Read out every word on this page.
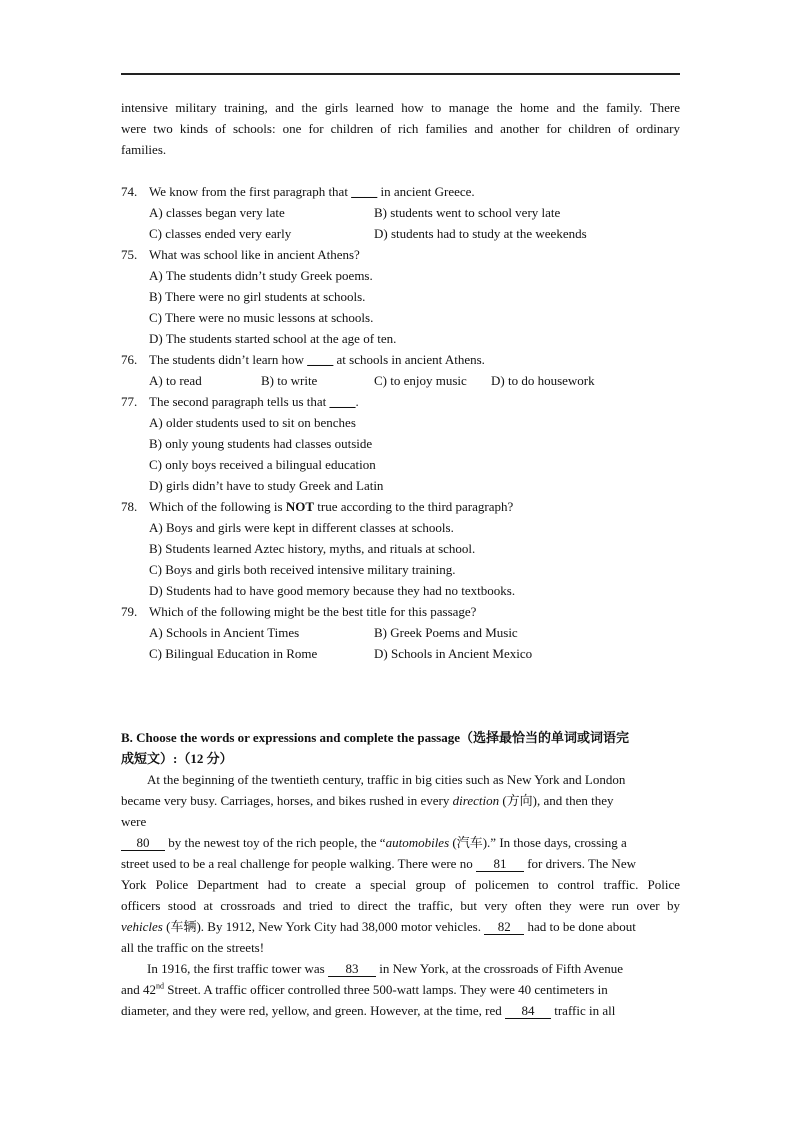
intensive military training, and the girls learned how to manage the home and the family. There
were two kinds of schools: one for children of rich families and another for children of ordinary
families.
74. We know from the first paragraph that ____ in ancient Greece.
A) classes began very late	B) students went to school very late
C) classes ended very early	D) students had to study at the weekends
75. What was school like in ancient Athens?
A) The students didn’t study Greek poems.
B) There were no girl students at schools.
C) There were no music lessons at schools.
D) The students started school at the age of ten.
76. The students didn’t learn how ____ at schools in ancient Athens.
A) to read	B) to write	C) to enjoy music D) to do housework
77. The second paragraph tells us that ____.
A) older students used to sit on benches
B) only young students had classes outside
C) only boys received a bilingual education
D) girls didn’t have to study Greek and Latin
78. Which of the following is NOT true according to the third paragraph?
A) Boys and girls were kept in different classes at schools.
B) Students learned Aztec history, myths, and rituals at school.
C) Boys and girls both received intensive military training.
D) Students had to have good memory because they had no textbooks.
79. Which of the following might be the best title for this passage?
A) Schools in Ancient Times	B) Greek Poems and Music
C) Bilingual Education in Rome	D) Schools in Ancient Mexico
B. Choose the words or expressions and complete the passage（选择最恰当的单词或词语完
成短文）:（12 分）
At the beginning of the twentieth century, traffic in big cities such as New York and London
became very busy. Carriages, horses, and bikes rushed in every direction (方向), and then they
were
80 by the newest toy of the rich people, the “automobiles (汽车).” In those days, crossing a
street used to be a real challenge for people walking. There were no 81 for drivers. The New
York Police Department had to create a special group of policemen to control traffic. Police
officers stood at crossroads and tried to direct the traffic, but very often they were run over by
vehicles (车辆). By 1912, New York City had 38,000 motor vehicles. 82 had to be done about
all the traffic on the streets!
In 1916, the first traffic tower was 83 in New York, at the crossroads of Fifth Avenue
and 42nd Street. A traffic officer controlled three 500-watt lamps. They were 40 centimeters in
diameter, and they were red, yellow, and green. However, at the time, red 84 traffic in all
